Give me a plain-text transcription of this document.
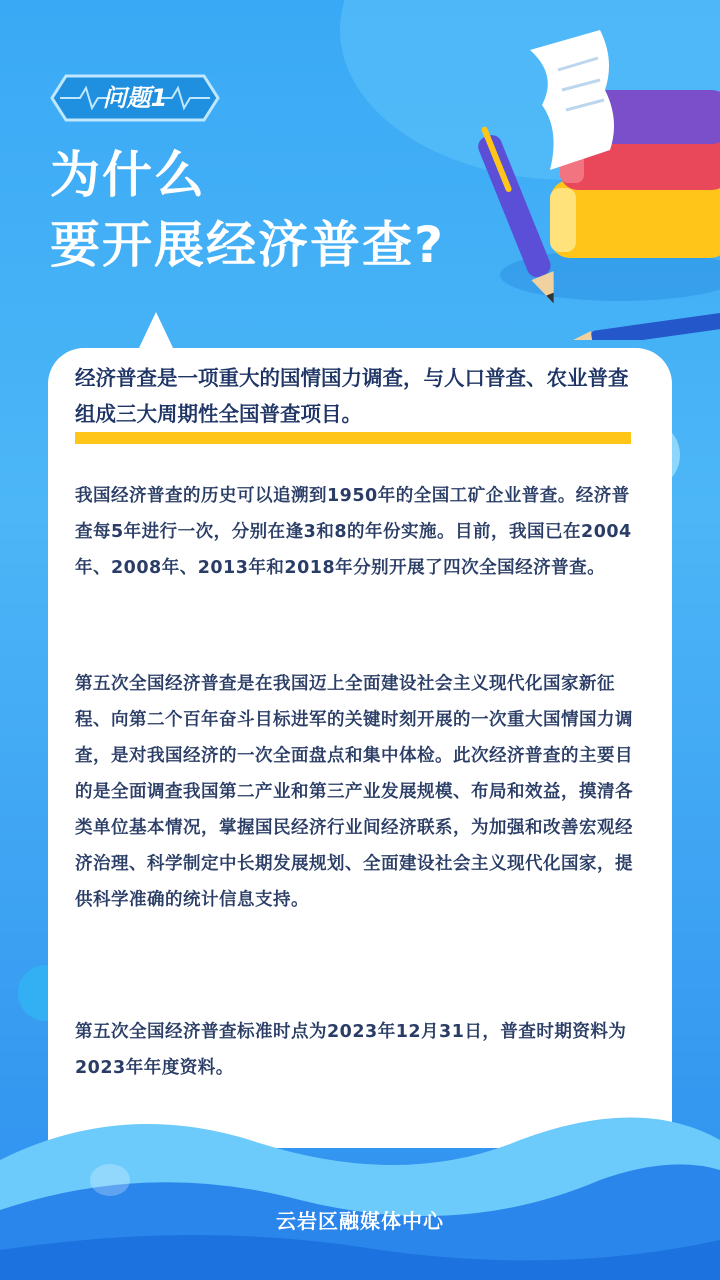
问题1
为什么
要开展经济普查?
经济普查是一项重大的国情国力调查，与人口普查、农业普查组成三大周期性全国普查项目。
我国经济普查的历史可以追溯到1950年的全国工矿企业普查。经济普查每5年进行一次，分别在逢3和8的年份实施。目前，我国已在2004年、2008年、2013年和2018年分别开展了四次全国经济普查。
第五次全国经济普查是在我国迈上全面建设社会主义现代化国家新征程、向第二个百年奋斗目标进军的关键时刻开展的一次重大国情国力调查，是对我国经济的一次全面盘点和集中体检。此次经济普查的主要目的是全面调查我国第二产业和第三产业发展规模、布局和效益，摸清各类单位基本情况，掌握国民经济行业间经济联系，为加强和改善宏观经济治理、科学制定中长期发展规划、全面建设社会主义现代化国家，提供科学准确的统计信息支持。
第五次全国经济普查标准时点为2023年12月31日，普查时期资料为2023年年度资料。
云岩区融媒体中心
